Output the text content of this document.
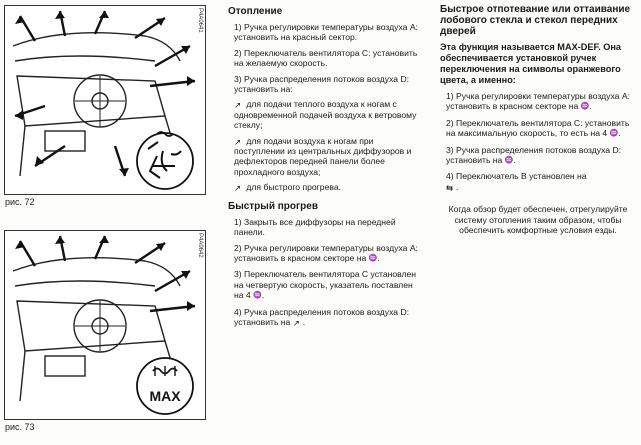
P4A0641
рис. 72
MAX
P4A0642
рис. 73
Отопление

1) Ручка регулировки температуры воздуха A: установить на красный сектор.

2) Переключатель вентилятора C: установить на желаемую скорость.

3) Ручка распределения потоков воздуха D: установить на:

↗ для подачи теплого воздуха к ногам с одновременной подачей воздуха к ветровому стеклу;

↗ для подачи воздуха к ногам при поступлении из центральных диффузоров и дефлекторов передней панели более прохладного воздуха;

↗ для быстрого прогрева.

Быстрый прогрев

1) Закрыть все диффузоры на передней панели.

2) Ручка регулировки температуры воздуха A: установить в красном секторе на ♒.

3) Переключатель вентилятора C установлен на четвертую скорость, указатель поставлен на 4 ♒.

4) Ручка распределения потоков воздуха D: установить на ↗ .

Быстрое отпотевание или оттаивание лобового стекла и стекол передних дверей

Эта функция называется MAX-DEF. Она обеспечивается установкой ручек переключения на символы оранжевого цвета, а именно:

1) Ручка регулировки температуры воздуха A: установить в красном секторе на ♒.

2) Переключатель вентилятора C: установить на максимальную скорость, то есть на 4 ♒.

3) Ручка распределения потоков воздуха D: установить на ♒.

4) Переключатель B установлен на
⇆ .

Когда обзор будет обеспечен, отрегулируйте систему отопления таким образом, чтобы обеспечить комфортные условия езды.
